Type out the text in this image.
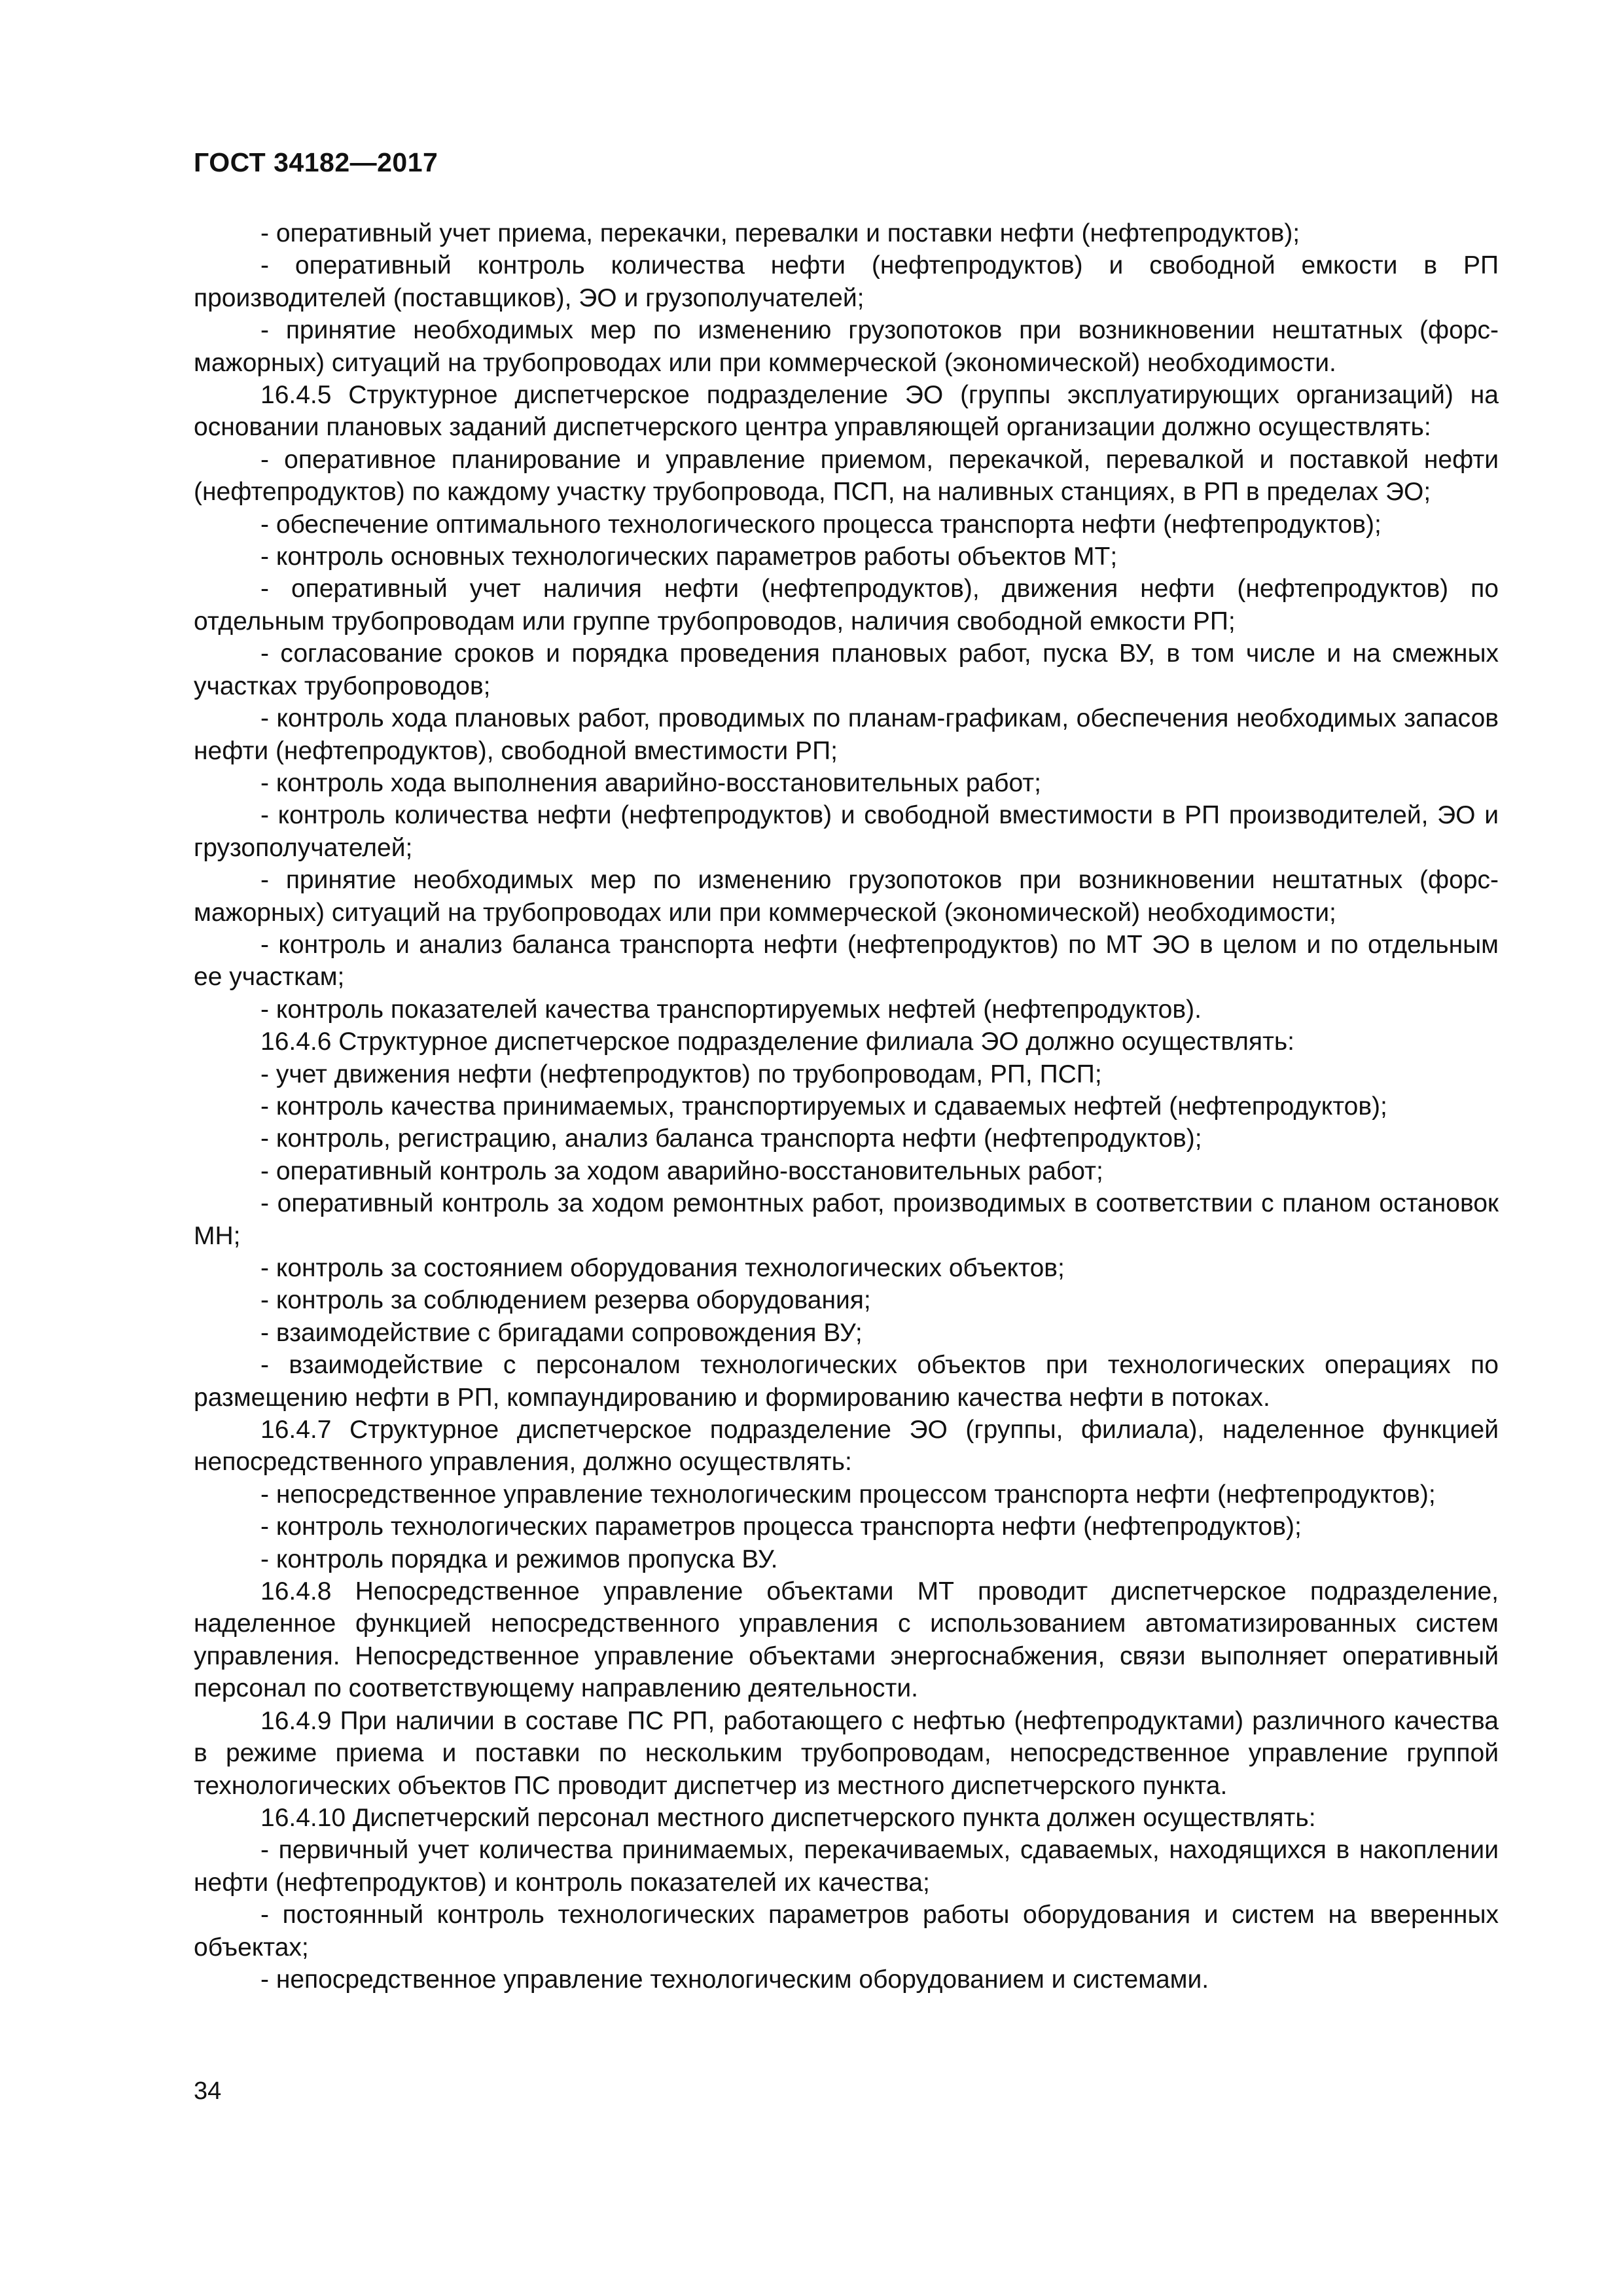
ГОСТ 34182—2017

- оперативный учет приема, перекачки, перевалки и поставки нефти (нефтепродуктов);

- оперативный контроль количества нефти (нефтепродуктов) и свободной емкости в РП производителей (поставщиков), ЭО и грузополучателей;

- принятие необходимых мер по изменению грузопотоков при возникновении нештатных (форс-мажорных) ситуаций на трубопроводах или при коммерческой (экономической) необходимости.

16.4.5 Структурное диспетчерское подразделение ЭО (группы эксплуатирующих организаций) на основании плановых заданий диспетчерского центра управляющей организации должно осуществлять:

- оперативное планирование и управление приемом, перекачкой, перевалкой и поставкой нефти (нефтепродуктов) по каждому участку трубопровода, ПСП, на наливных станциях, в РП в пределах ЭО;

- обеспечение оптимального технологического процесса транспорта нефти (нефтепродуктов);

- контроль основных технологических параметров работы объектов МТ;

- оперативный учет наличия нефти (нефтепродуктов), движения нефти (нефтепродуктов) по отдельным трубопроводам или группе трубопроводов, наличия свободной емкости РП;

- согласование сроков и порядка проведения плановых работ, пуска ВУ, в том числе и на смежных участках трубопроводов;

- контроль хода плановых работ, проводимых по планам-графикам, обеспечения необходимых запасов нефти (нефтепродуктов), свободной вместимости РП;

- контроль хода выполнения аварийно-восстановительных работ;

- контроль количества нефти (нефтепродуктов) и свободной вместимости в РП производителей, ЭО и грузополучателей;

- принятие необходимых мер по изменению грузопотоков при возникновении нештатных (форс-мажорных) ситуаций на трубопроводах или при коммерческой (экономической) необходимости;

- контроль и анализ баланса транспорта нефти (нефтепродуктов) по МТ ЭО в целом и по отдельным ее участкам;

- контроль показателей качества транспортируемых нефтей (нефтепродуктов).

16.4.6 Структурное диспетчерское подразделение филиала ЭО должно осуществлять:

- учет движения нефти (нефтепродуктов) по трубопроводам, РП, ПСП;

- контроль качества принимаемых, транспортируемых и сдаваемых нефтей (нефтепродуктов);

- контроль, регистрацию, анализ баланса транспорта нефти (нефтепродуктов);

- оперативный контроль за ходом аварийно-восстановительных работ;

- оперативный контроль за ходом ремонтных работ, производимых в соответствии с планом остановок МН;

- контроль за состоянием оборудования технологических объектов;

- контроль за соблюдением резерва оборудования;

- взаимодействие с бригадами сопровождения ВУ;

- взаимодействие с персоналом технологических объектов при технологических операциях по размещению нефти в РП, компаундированию и формированию качества нефти в потоках.

16.4.7 Структурное диспетчерское подразделение ЭО (группы, филиала), наделенное функцией непосредственного управления, должно осуществлять:

- непосредственное управление технологическим процессом транспорта нефти (нефтепродуктов);

- контроль технологических параметров процесса транспорта нефти (нефтепродуктов);

- контроль порядка и режимов пропуска ВУ.

16.4.8 Непосредственное управление объектами МТ проводит диспетчерское подразделение, наделенное функцией непосредственного управления с использованием автоматизированных систем управления. Непосредственное управление объектами энергоснабжения, связи выполняет оперативный персонал по соответствующему направлению деятельности.

16.4.9 При наличии в составе ПС РП, работающего с нефтью (нефтепродуктами) различного качества в режиме приема и поставки по нескольким трубопроводам, непосредственное управление группой технологических объектов ПС проводит диспетчер из местного диспетчерского пункта.

16.4.10 Диспетчерский персонал местного диспетчерского пункта должен осуществлять:

- первичный учет количества принимаемых, перекачиваемых, сдаваемых, находящихся в накоплении нефти (нефтепродуктов) и контроль показателей их качества;

- постоянный контроль технологических параметров работы оборудования и систем на вверенных объектах;

- непосредственное управление технологическим оборудованием и системами.

34
